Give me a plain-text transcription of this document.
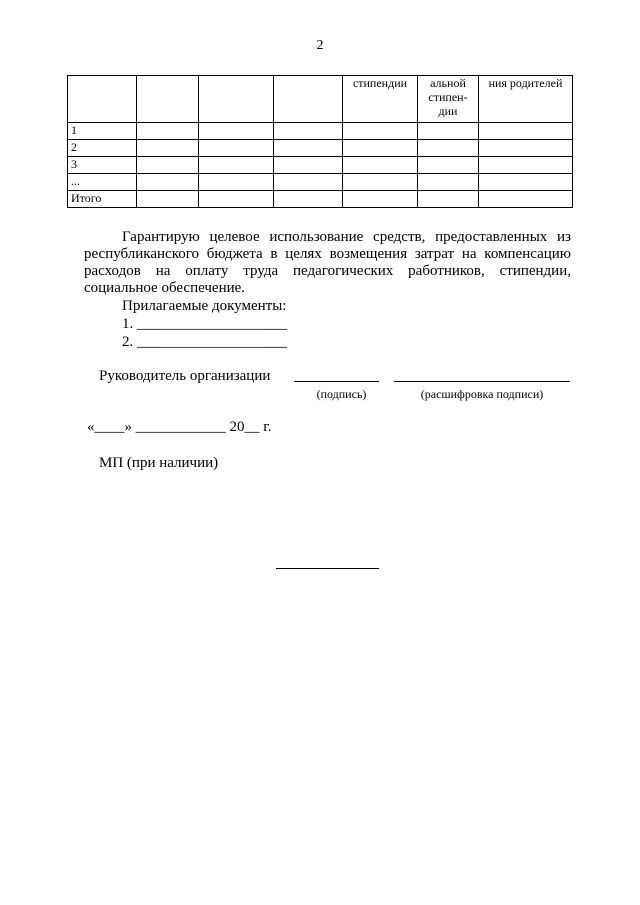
2
				стипендии	альной стипен-дии	ния родителей
1						
2						
3						
...						
Итого						
Гарантирую целевое использование средств, предоставленных из республиканского бюджета в целях возмещения затрат на компенсацию расходов на оплату труда педагогических работников, стипендии, социальное обеспечение.
Прилагаемые документы:
1. ____________________
2. ____________________
Руководитель организации
(подпись)	(расшифровка подписи)
«____» ____________ 20__ г.
МП (при наличии)
